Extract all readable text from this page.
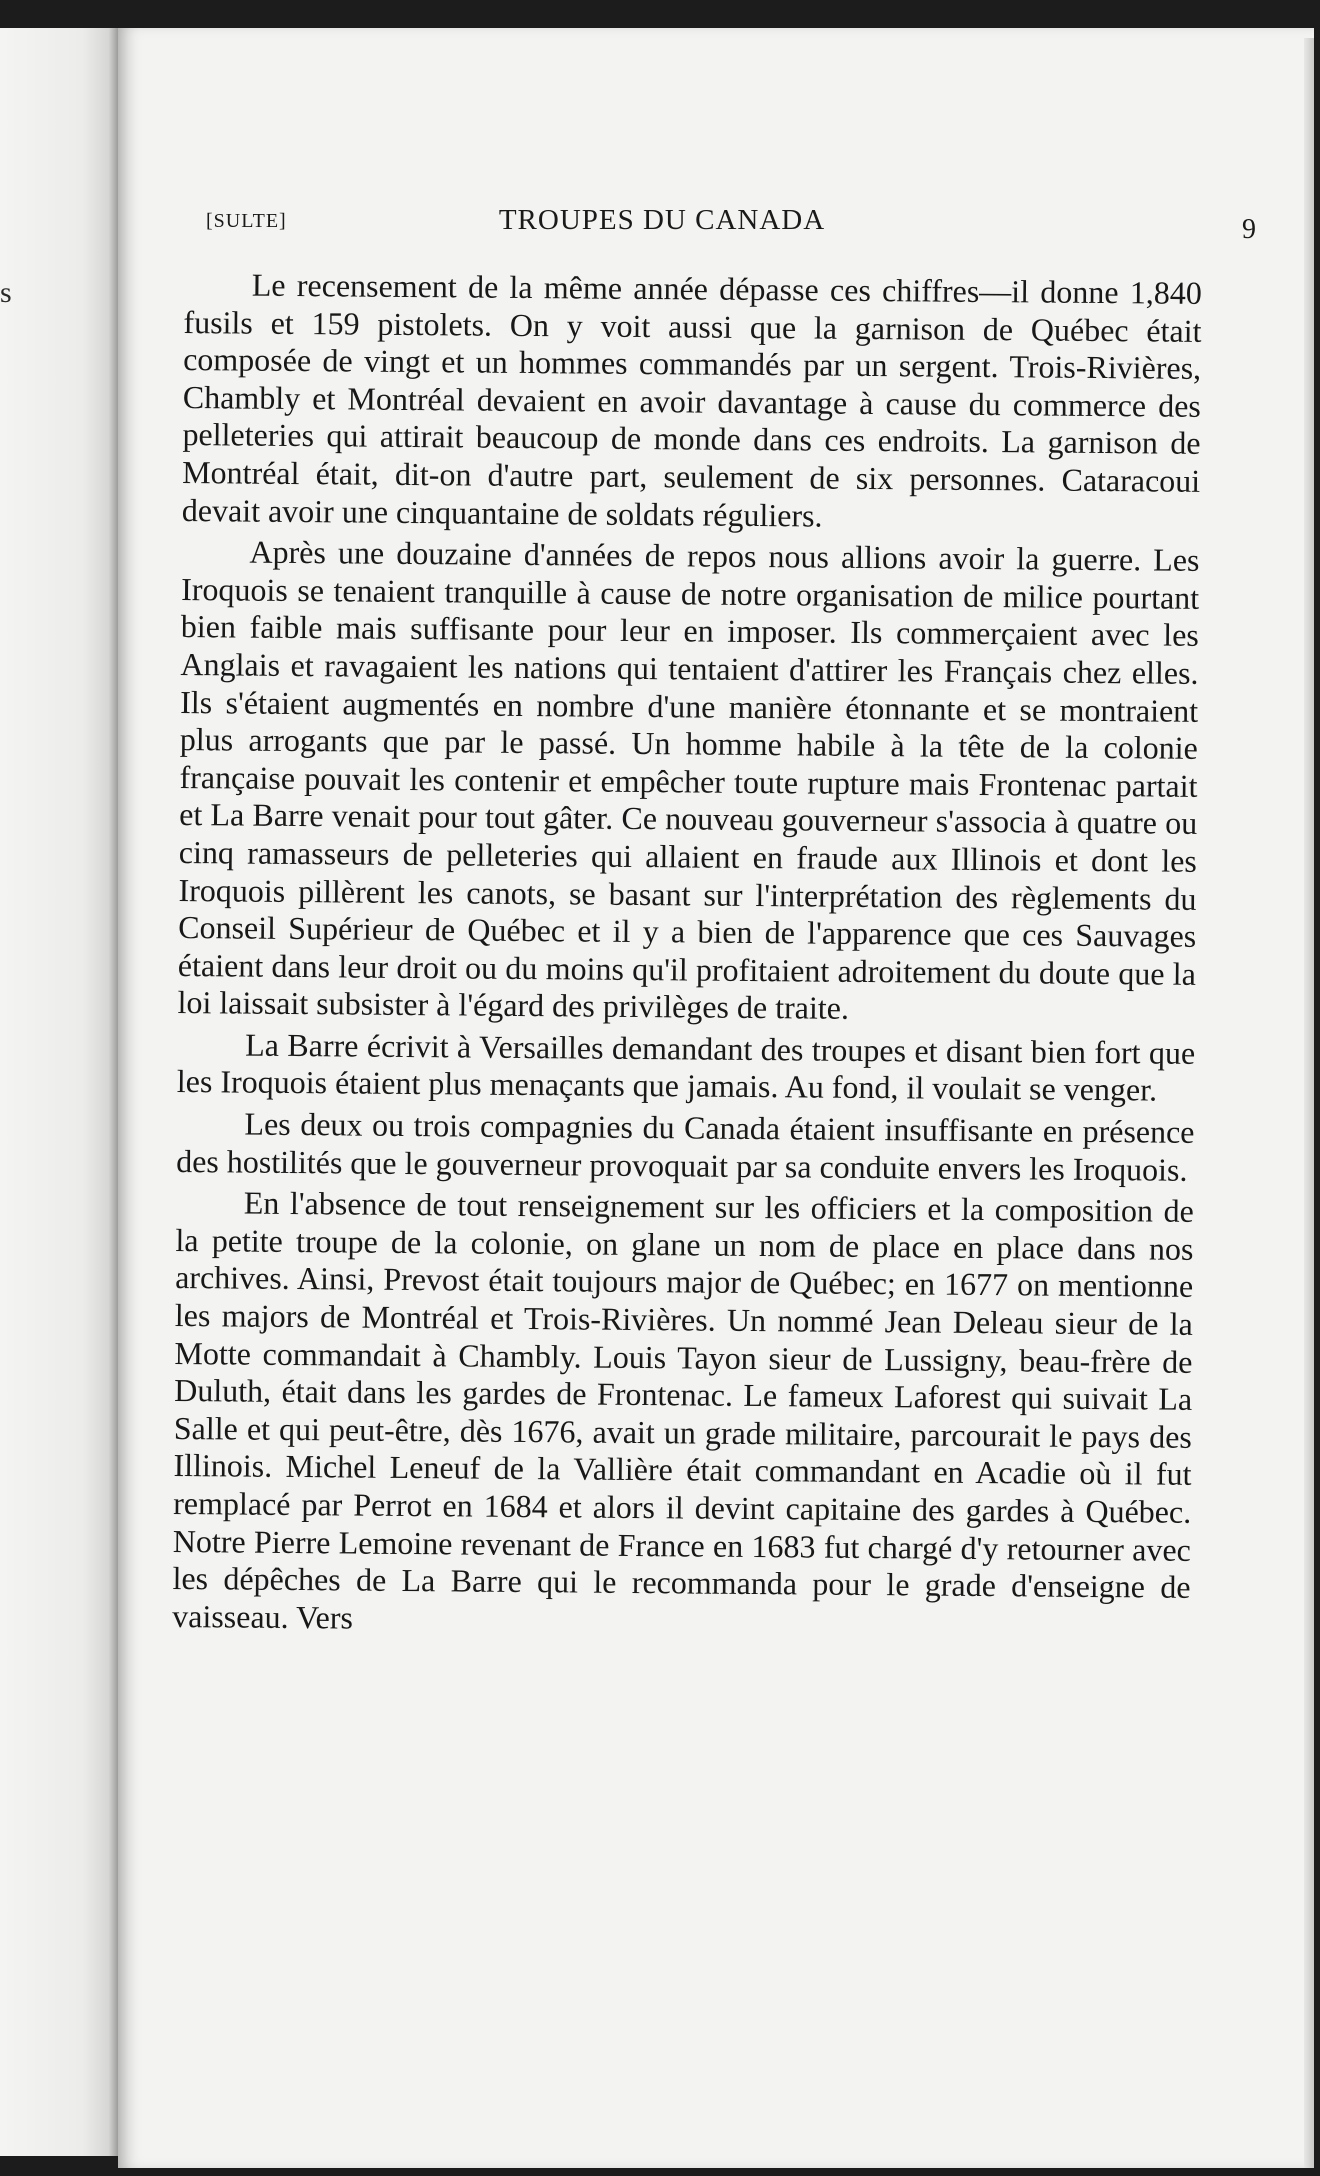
s
[SULTE]	TROUPES DU CANADA	9

Le recensement de la même année dépasse ces chiffres—il donne 1,840 fusils et 159 pistolets. On y voit aussi que la garnison de Québec était composée de vingt et un hommes commandés par un sergent. Trois-Rivières, Chambly et Montréal devaient en avoir davantage à cause du commerce des pelleteries qui attirait beaucoup de monde dans ces endroits. La garnison de Montréal était, dit-on d'autre part, seulement de six personnes. Cataracoui devait avoir une cinquantaine de soldats réguliers.

Après une douzaine d'années de repos nous allions avoir la guerre. Les Iroquois se tenaient tranquille à cause de notre organisation de milice pourtant bien faible mais suffisante pour leur en imposer. Ils commerçaient avec les Anglais et ravagaient les nations qui tentaient d'attirer les Français chez elles. Ils s'étaient augmentés en nombre d'une manière étonnante et se montraient plus arrogants que par le passé. Un homme habile à la tête de la colonie française pouvait les contenir et empêcher toute rupture mais Frontenac partait et La Barre venait pour tout gâter. Ce nouveau gouverneur s'associa à quatre ou cinq ramasseurs de pelleteries qui allaient en fraude aux Illinois et dont les Iroquois pillèrent les canots, se basant sur l'interprétation des règlements du Conseil Supérieur de Québec et il y a bien de l'apparence que ces Sauvages étaient dans leur droit ou du moins qu'il profitaient adroitement du doute que la loi laissait subsister à l'égard des privilèges de traite.

La Barre écrivit à Versailles demandant des troupes et disant bien fort que les Iroquois étaient plus menaçants que jamais. Au fond, il voulait se venger.

Les deux ou trois compagnies du Canada étaient insuffisante en présence des hostilités que le gouverneur provoquait par sa conduite envers les Iroquois.

En l'absence de tout renseignement sur les officiers et la composition de la petite troupe de la colonie, on glane un nom de place en place dans nos archives. Ainsi, Prevost était toujours major de Québec; en 1677 on mentionne les majors de Montréal et Trois-Rivières. Un nommé Jean Deleau sieur de la Motte commandait à Chambly. Louis Tayon sieur de Lussigny, beau-frère de Duluth, était dans les gardes de Frontenac. Le fameux Laforest qui suivait La Salle et qui peut-être, dès 1676, avait un grade militaire, parcourait le pays des Illinois. Michel Leneuf de la Vallière était commandant en Acadie où il fut remplacé par Perrot en 1684 et alors il devint capitaine des gardes à Québec. Notre Pierre Lemoine revenant de France en 1683 fut chargé d'y retourner avec les dépêches de La Barre qui le recommanda pour le grade d'enseigne de vaisseau. Vers
